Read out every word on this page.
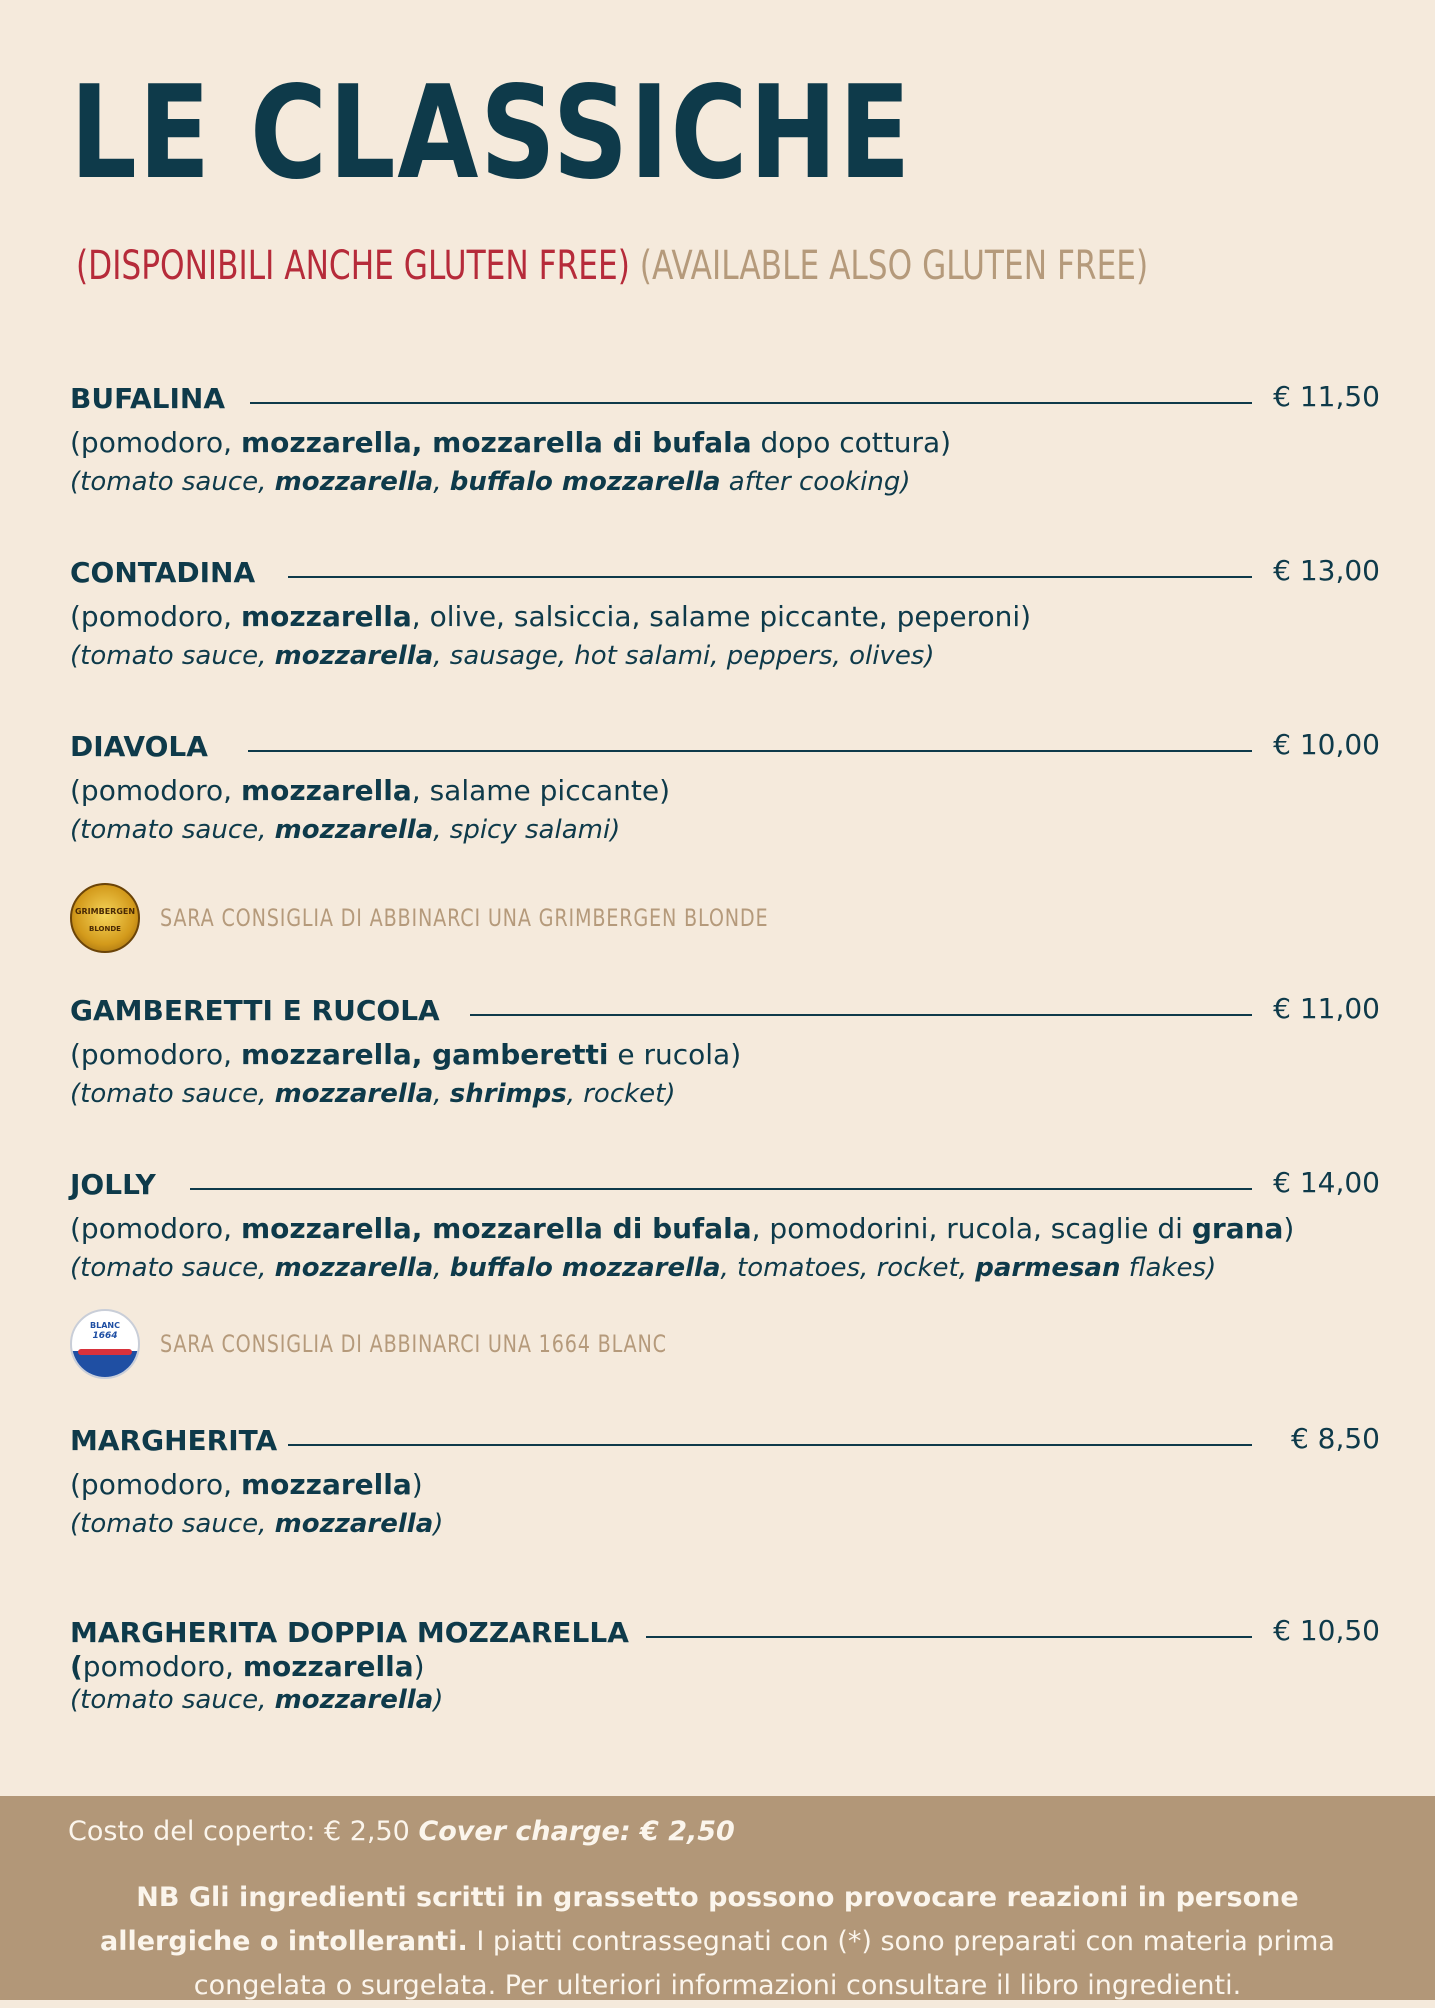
LE CLASSICHE
(DISPONIBILI ANCHE GLUTEN FREE) (AVAILABLE ALSO GLUTEN FREE)
BUFALINA	€ 11,50
(pomodoro, mozzarella, mozzarella di bufala dopo cottura)
(tomato sauce, mozzarella, buffalo mozzarella after cooking)
CONTADINA	€ 13,00
(pomodoro, mozzarella, olive, salsiccia, salame piccante, peperoni)
(tomato sauce, mozzarella, sausage, hot salami, peppers, olives)
DIAVOLA	€ 10,00
(pomodoro, mozzarella, salame piccante)
(tomato sauce, mozzarella, spicy salami)
GRIMBERGEN
BLONDE	SARA CONSIGLIA DI ABBINARCI UNA GRIMBERGEN BLONDE
GAMBERETTI E RUCOLA	€ 11,00
(pomodoro, mozzarella, gamberetti e rucola)
(tomato sauce, mozzarella, shrimps, rocket)
JOLLY	€ 14,00
(pomodoro, mozzarella, mozzarella di bufala, pomodorini, rucola, scaglie di grana)
(tomato sauce, mozzarella, buffalo mozzarella, tomatoes, rocket, parmesan flakes)
BLANC
1664	SARA CONSIGLIA DI ABBINARCI UNA 1664 BLANC
MARGHERITA	€ 8,50
(pomodoro, mozzarella)
(tomato sauce, mozzarella)
MARGHERITA DOPPIA MOZZARELLA	€ 10,50
(pomodoro, mozzarella)
(tomato sauce, mozzarella)
Costo del coperto: € 2,50 Cover charge: € 2,50
NB Gli ingredienti scritti in grassetto possono provocare reazioni in persone allergiche o intolleranti. I piatti contrassegnati con (*) sono preparati con materia prima congelata o surgelata. Per ulteriori informazioni consultare il libro ingredienti.
